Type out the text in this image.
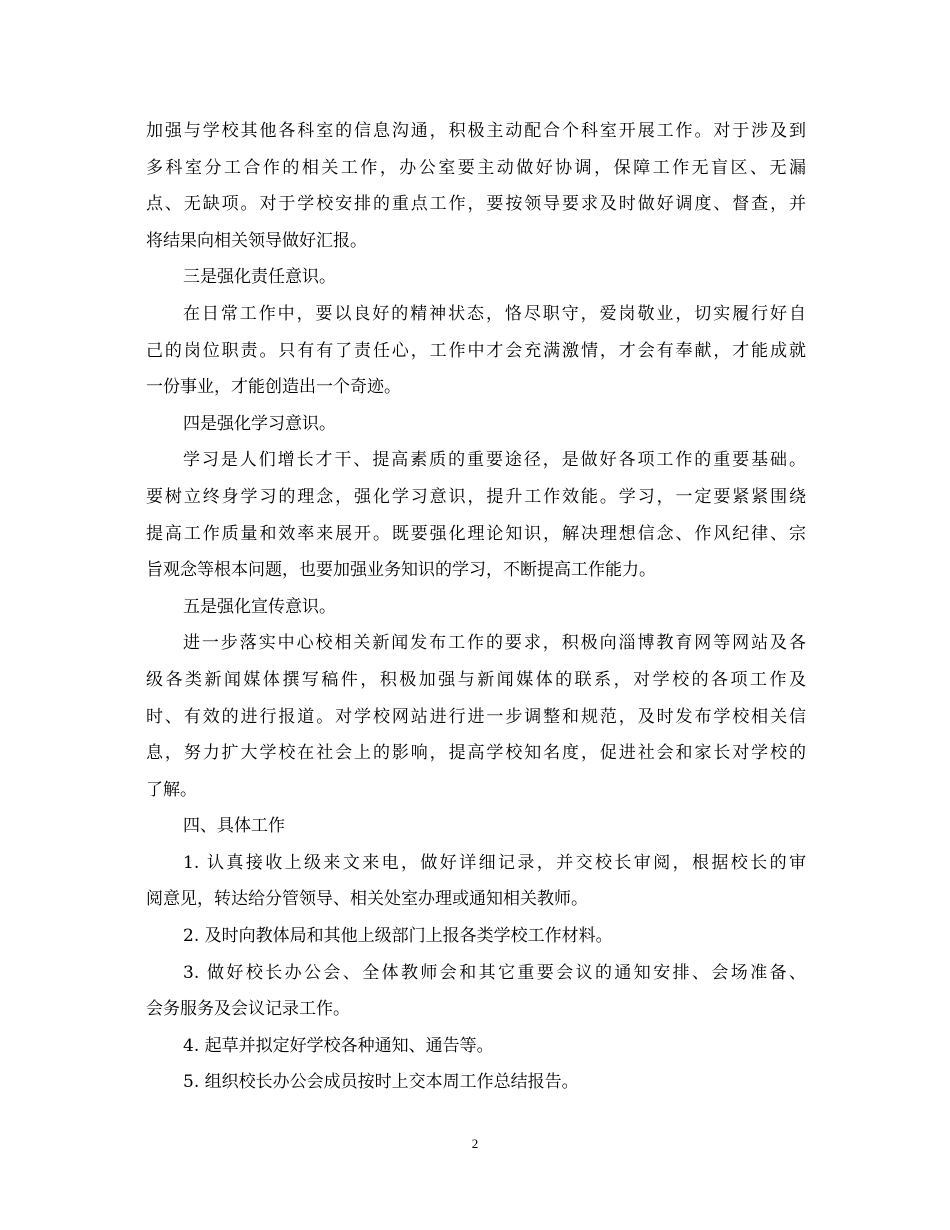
加强与学校其他各科室的信息沟通，积极主动配合个科室开展工作。对于涉及到
多科室分工合作的相关工作，办公室要主动做好协调，保障工作无盲区、无漏
点、无缺项。对于学校安排的重点工作，要按领导要求及时做好调度、督查，并
将结果向相关领导做好汇报。
三是强化责任意识。
在日常工作中，要以良好的精神状态，恪尽职守，爱岗敬业，切实履行好自
己的岗位职责。只有有了责任心，工作中才会充满激情，才会有奉献，才能成就
一份事业，才能创造出一个奇迹。
四是强化学习意识。
学习是人们增长才干、提高素质的重要途径，是做好各项工作的重要基础。
要树立终身学习的理念，强化学习意识，提升工作效能。学习，一定要紧紧围绕
提高工作质量和效率来展开。既要强化理论知识，解决理想信念、作风纪律、宗
旨观念等根本问题，也要加强业务知识的学习，不断提高工作能力。
五是强化宣传意识。
进一步落实中心校相关新闻发布工作的要求，积极向淄博教育网等网站及各
级各类新闻媒体撰写稿件，积极加强与新闻媒体的联系，对学校的各项工作及
时、有效的进行报道。对学校网站进行进一步调整和规范，及时发布学校相关信
息，努力扩大学校在社会上的影响，提高学校知名度，促进社会和家长对学校的
了解。
四、具体工作
1. 认真接收上级来文来电，做好详细记录，并交校长审阅，根据校长的审
阅意见，转达给分管领导、相关处室办理或通知相关教师。
2. 及时向教体局和其他上级部门上报各类学校工作材料。
3. 做好校长办公会、全体教师会和其它重要会议的通知安排、会场准备、
会务服务及会议记录工作。
4. 起草并拟定好学校各种通知、通告等。
5. 组织校长办公会成员按时上交本周工作总结报告。
2
